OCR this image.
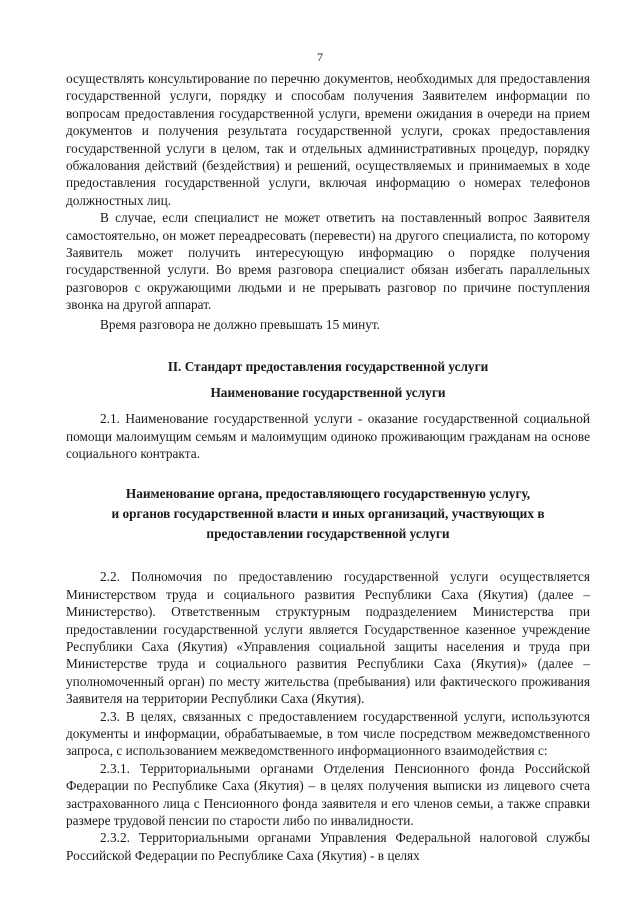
7

осуществлять консультирование по перечню документов, необходимых для предоставления государственной услуги, порядку и способам получения Заявителем информации по вопросам предоставления государственной услуги, времени ожидания в очереди на прием документов и получения результата государственной услуги, сроках предоставления государственной услуги в целом, так и отдельных административных процедур, порядку обжалования действий (бездействия) и решений, осуществляемых и принимаемых в ходе предоставления государственной услуги, включая информацию о номерах телефонов должностных лиц.

В случае, если специалист не может ответить на поставленный вопрос Заявителя самостоятельно, он может переадресовать (перевести) на другого специалиста, по которому Заявитель может получить интересующую информацию о порядке получения государственной услуги. Во время разговора специалист обязан избегать параллельных разговоров с окружающими людьми и не прерывать разговор по причине поступления звонка на другой аппарат.

Время разговора не должно превышать 15 минут.

II. Стандарт предоставления государственной услуги
Наименование государственной услуги

2.1. Наименование государственной услуги - оказание государственной социальной помощи малоимущим семьям и малоимущим одиноко проживающим гражданам на основе социального контракта.

Наименование органа, предоставляющего государственную услугу,
и органов государственной власти и иных организаций, участвующих в
предоставлении государственной услуги

2.2. Полномочия по предоставлению государственной услуги осуществляется Министерством труда и социального развития Республики Саха (Якутия) (далее – Министерство). Ответственным структурным подразделением Министерства при предоставлении государственной услуги является Государственное казенное учреждение Республики Саха (Якутия) «Управления социальной защиты населения и труда при Министерстве труда и социального развития Республики Саха (Якутия)» (далее – уполномоченный орган) по месту жительства (пребывания) или фактического проживания Заявителя на территории Республики Саха (Якутия).

2.3. В целях, связанных с предоставлением государственной услуги, используются документы и информации, обрабатываемые, в том числе посредством межведомственного запроса, с использованием межведомственного информационного взаимодействия с:

2.3.1. Территориальными органами Отделения Пенсионного фонда Российской Федерации по Республике Саха (Якутия) – в целях получения выписки из лицевого счета застрахованного лица с Пенсионного фонда заявителя и его членов семьи, а также справки размере трудовой пенсии по старости либо по инвалидности.

2.3.2. Территориальными органами Управления Федеральной налоговой службы Российской Федерации по Республике Саха (Якутия) - в целях
